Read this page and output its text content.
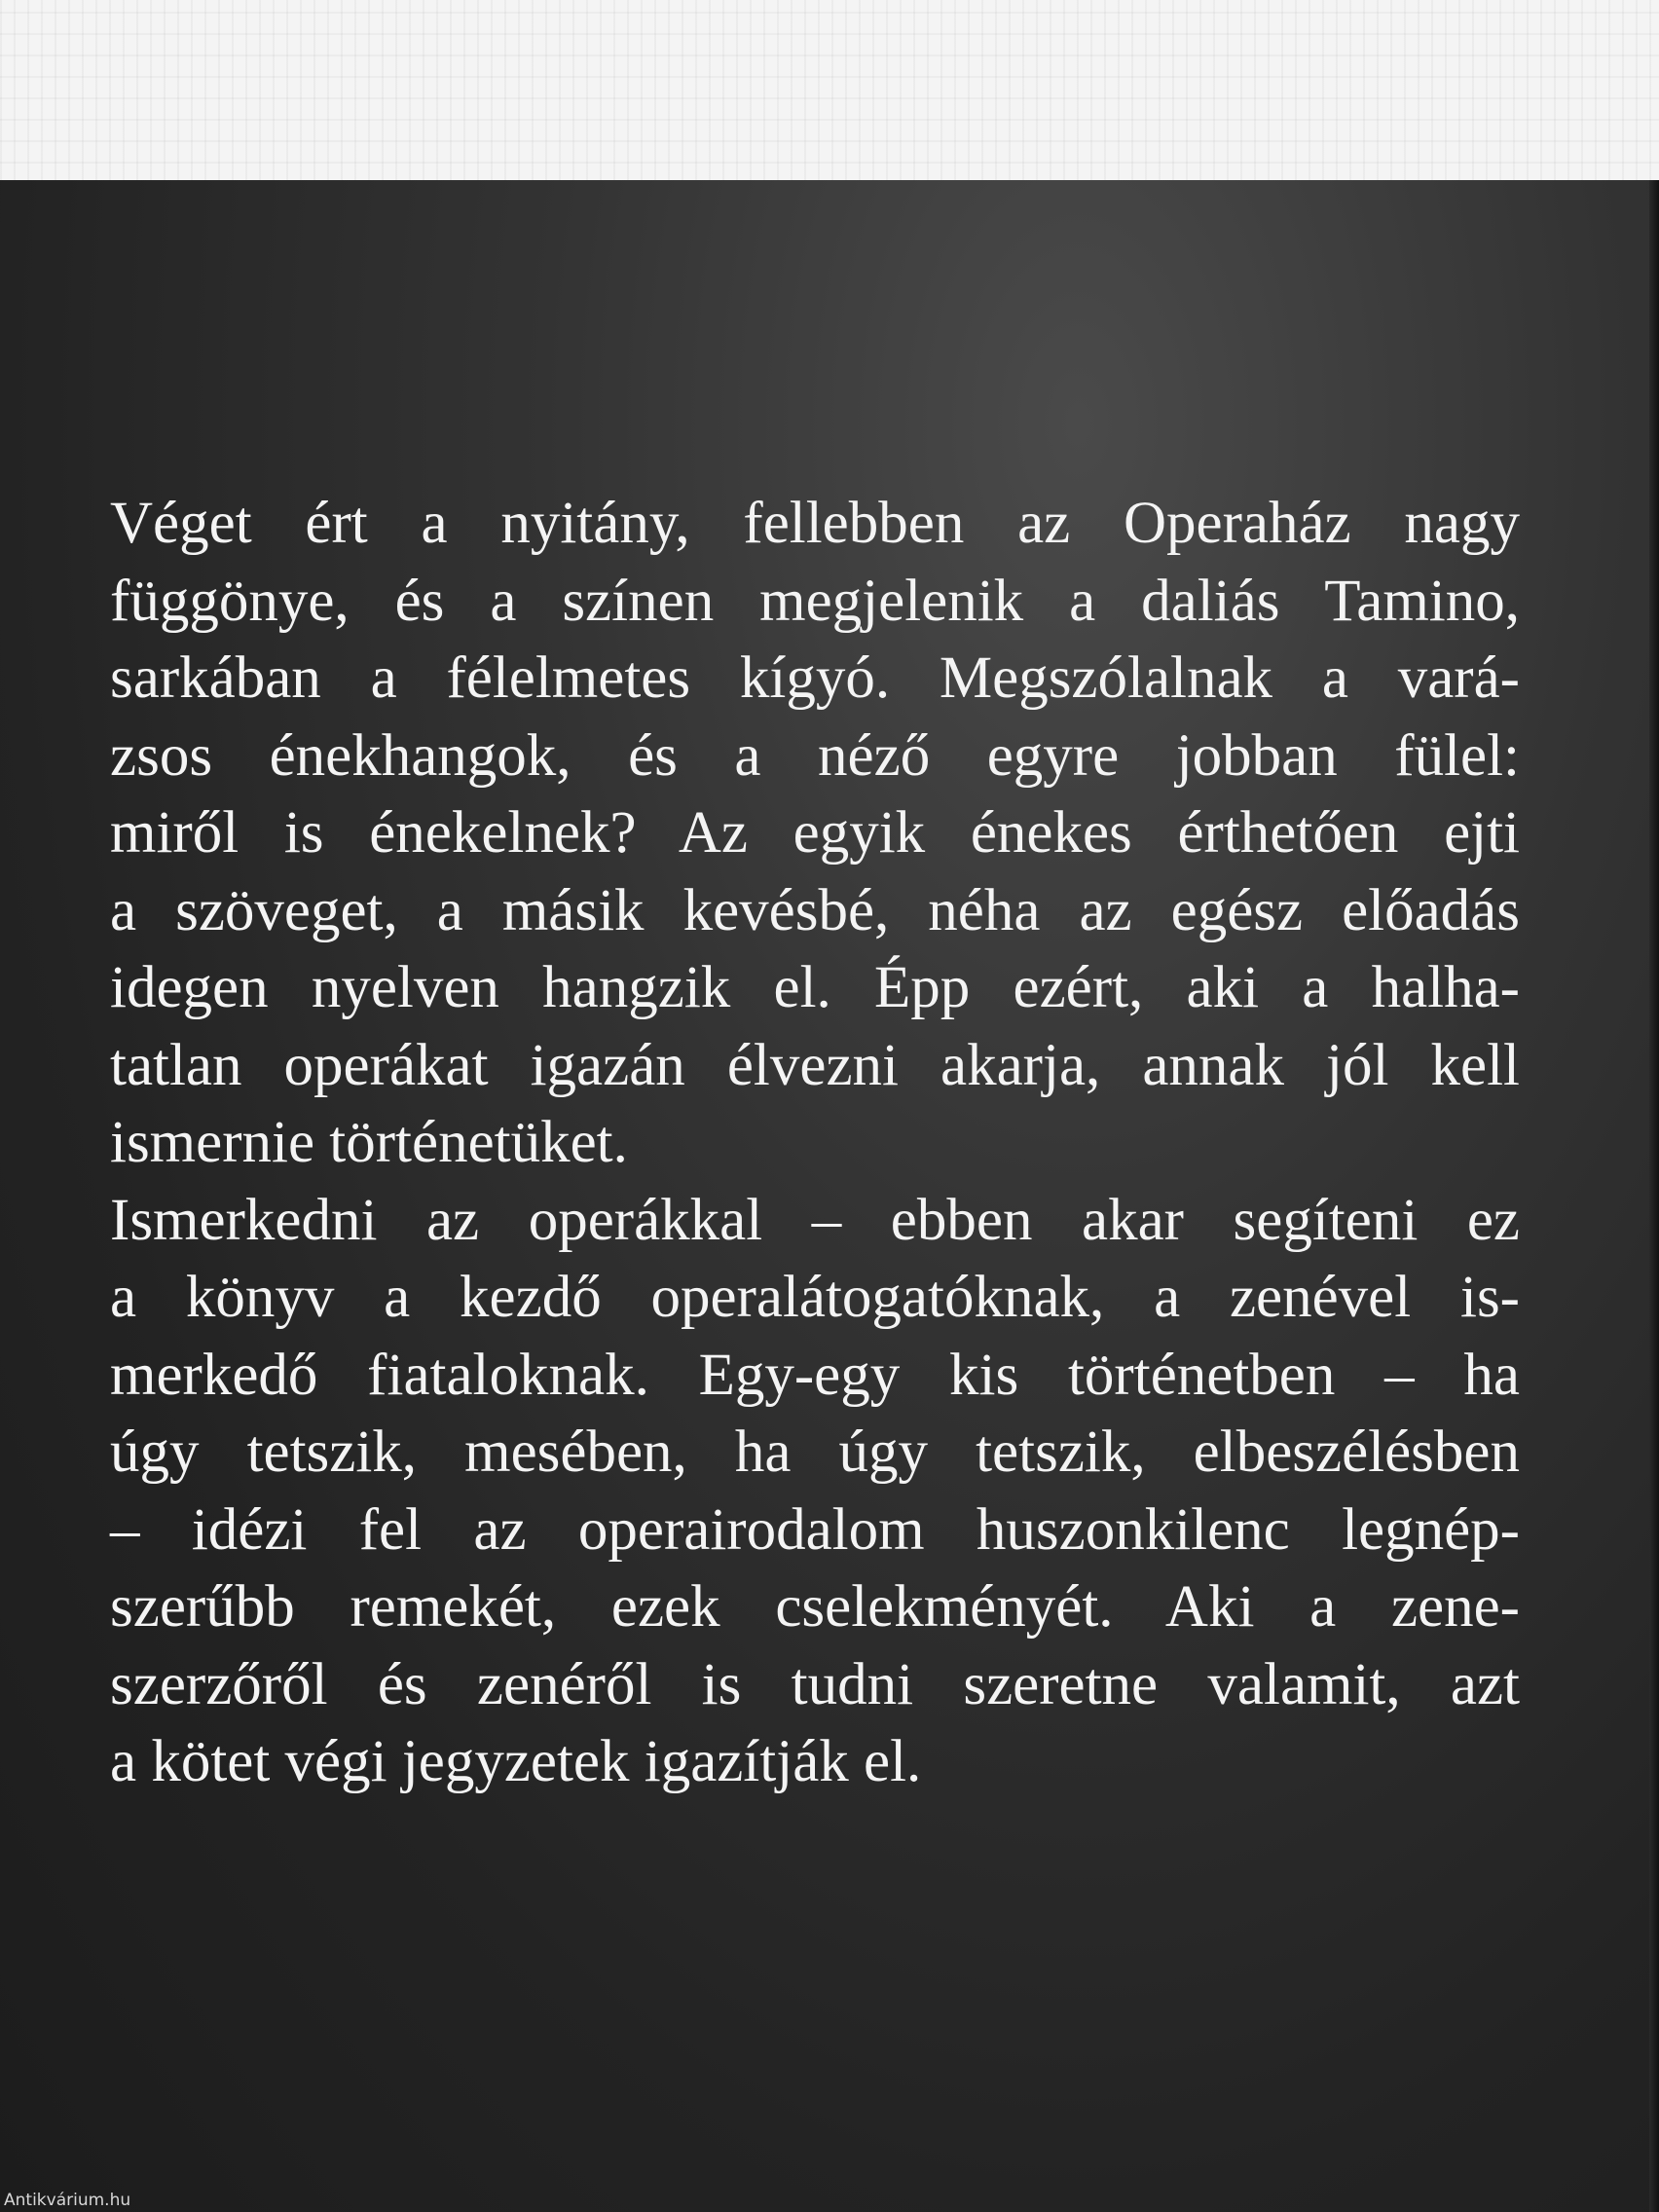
Véget ért a nyitány, fellebben az Operaház nagy
függönye, és a színen megjelenik a daliás Tamino,
sarkában a félelmetes kígyó. Megszólalnak a vará-
zsos énekhangok, és a néző egyre jobban fülel:
miről is énekelnek? Az egyik énekes érthetően ejti
a szöveget, a másik kevésbé, néha az egész előadás
idegen nyelven hangzik el. Épp ezért, aki a halha-
tatlan operákat igazán élvezni akarja, annak jól kell
ismernie történetüket.

Ismerkedni az operákkal – ebben akar segíteni ez
a könyv a kezdő operalátogatóknak, a zenével is-
merkedő fiataloknak. Egy-egy kis történetben – ha
úgy tetszik, mesében, ha úgy tetszik, elbeszélésben
– idézi fel az operairodalom huszonkilenc legnép-
szerűbb remekét, ezek cselekményét. Aki a zene-
szerzőről és zenéről is tudni szeretne valamit, azt
a kötet végi jegyzetek igazítják el.

Antikvárium.hu
